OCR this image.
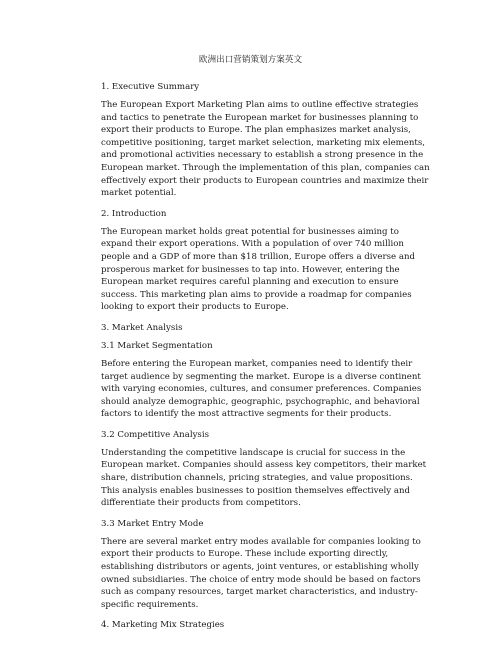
欧洲出口营销策划方案英文
1. Executive Summary
The European Export Marketing Plan aims to outline effective strategies and tactics to penetrate the European market for businesses planning to export their products to Europe. The plan emphasizes market analysis, competitive positioning, target market selection, marketing mix elements, and promotional activities necessary to establish a strong presence in the European market. Through the implementation of this plan, companies can effectively export their products to European countries and maximize their market potential.
2. Introduction
The European market holds great potential for businesses aiming to expand their export operations. With a population of over 740 million people and a GDP of more than $18 trillion, Europe offers a diverse and prosperous market for businesses to tap into. However, entering the European market requires careful planning and execution to ensure success. This marketing plan aims to provide a roadmap for companies looking to export their products to Europe.
3. Market Analysis
3.1 Market Segmentation
Before entering the European market, companies need to identify their target audience by segmenting the market. Europe is a diverse continent with varying economies, cultures, and consumer preferences. Companies should analyze demographic, geographic, psychographic, and behavioral factors to identify the most attractive segments for their products.
3.2 Competitive Analysis
Understanding the competitive landscape is crucial for success in the European market. Companies should assess key competitors, their market share, distribution channels, pricing strategies, and value propositions. This analysis enables businesses to position themselves effectively and differentiate their products from competitors.
3.3 Market Entry Mode
There are several market entry modes available for companies looking to export their products to Europe. These include exporting directly, establishing distributors or agents, joint ventures, or establishing wholly owned subsidiaries. The choice of entry mode should be based on factors such as company resources, target market characteristics, and industry-specific requirements.
4. Marketing Mix Strategies
